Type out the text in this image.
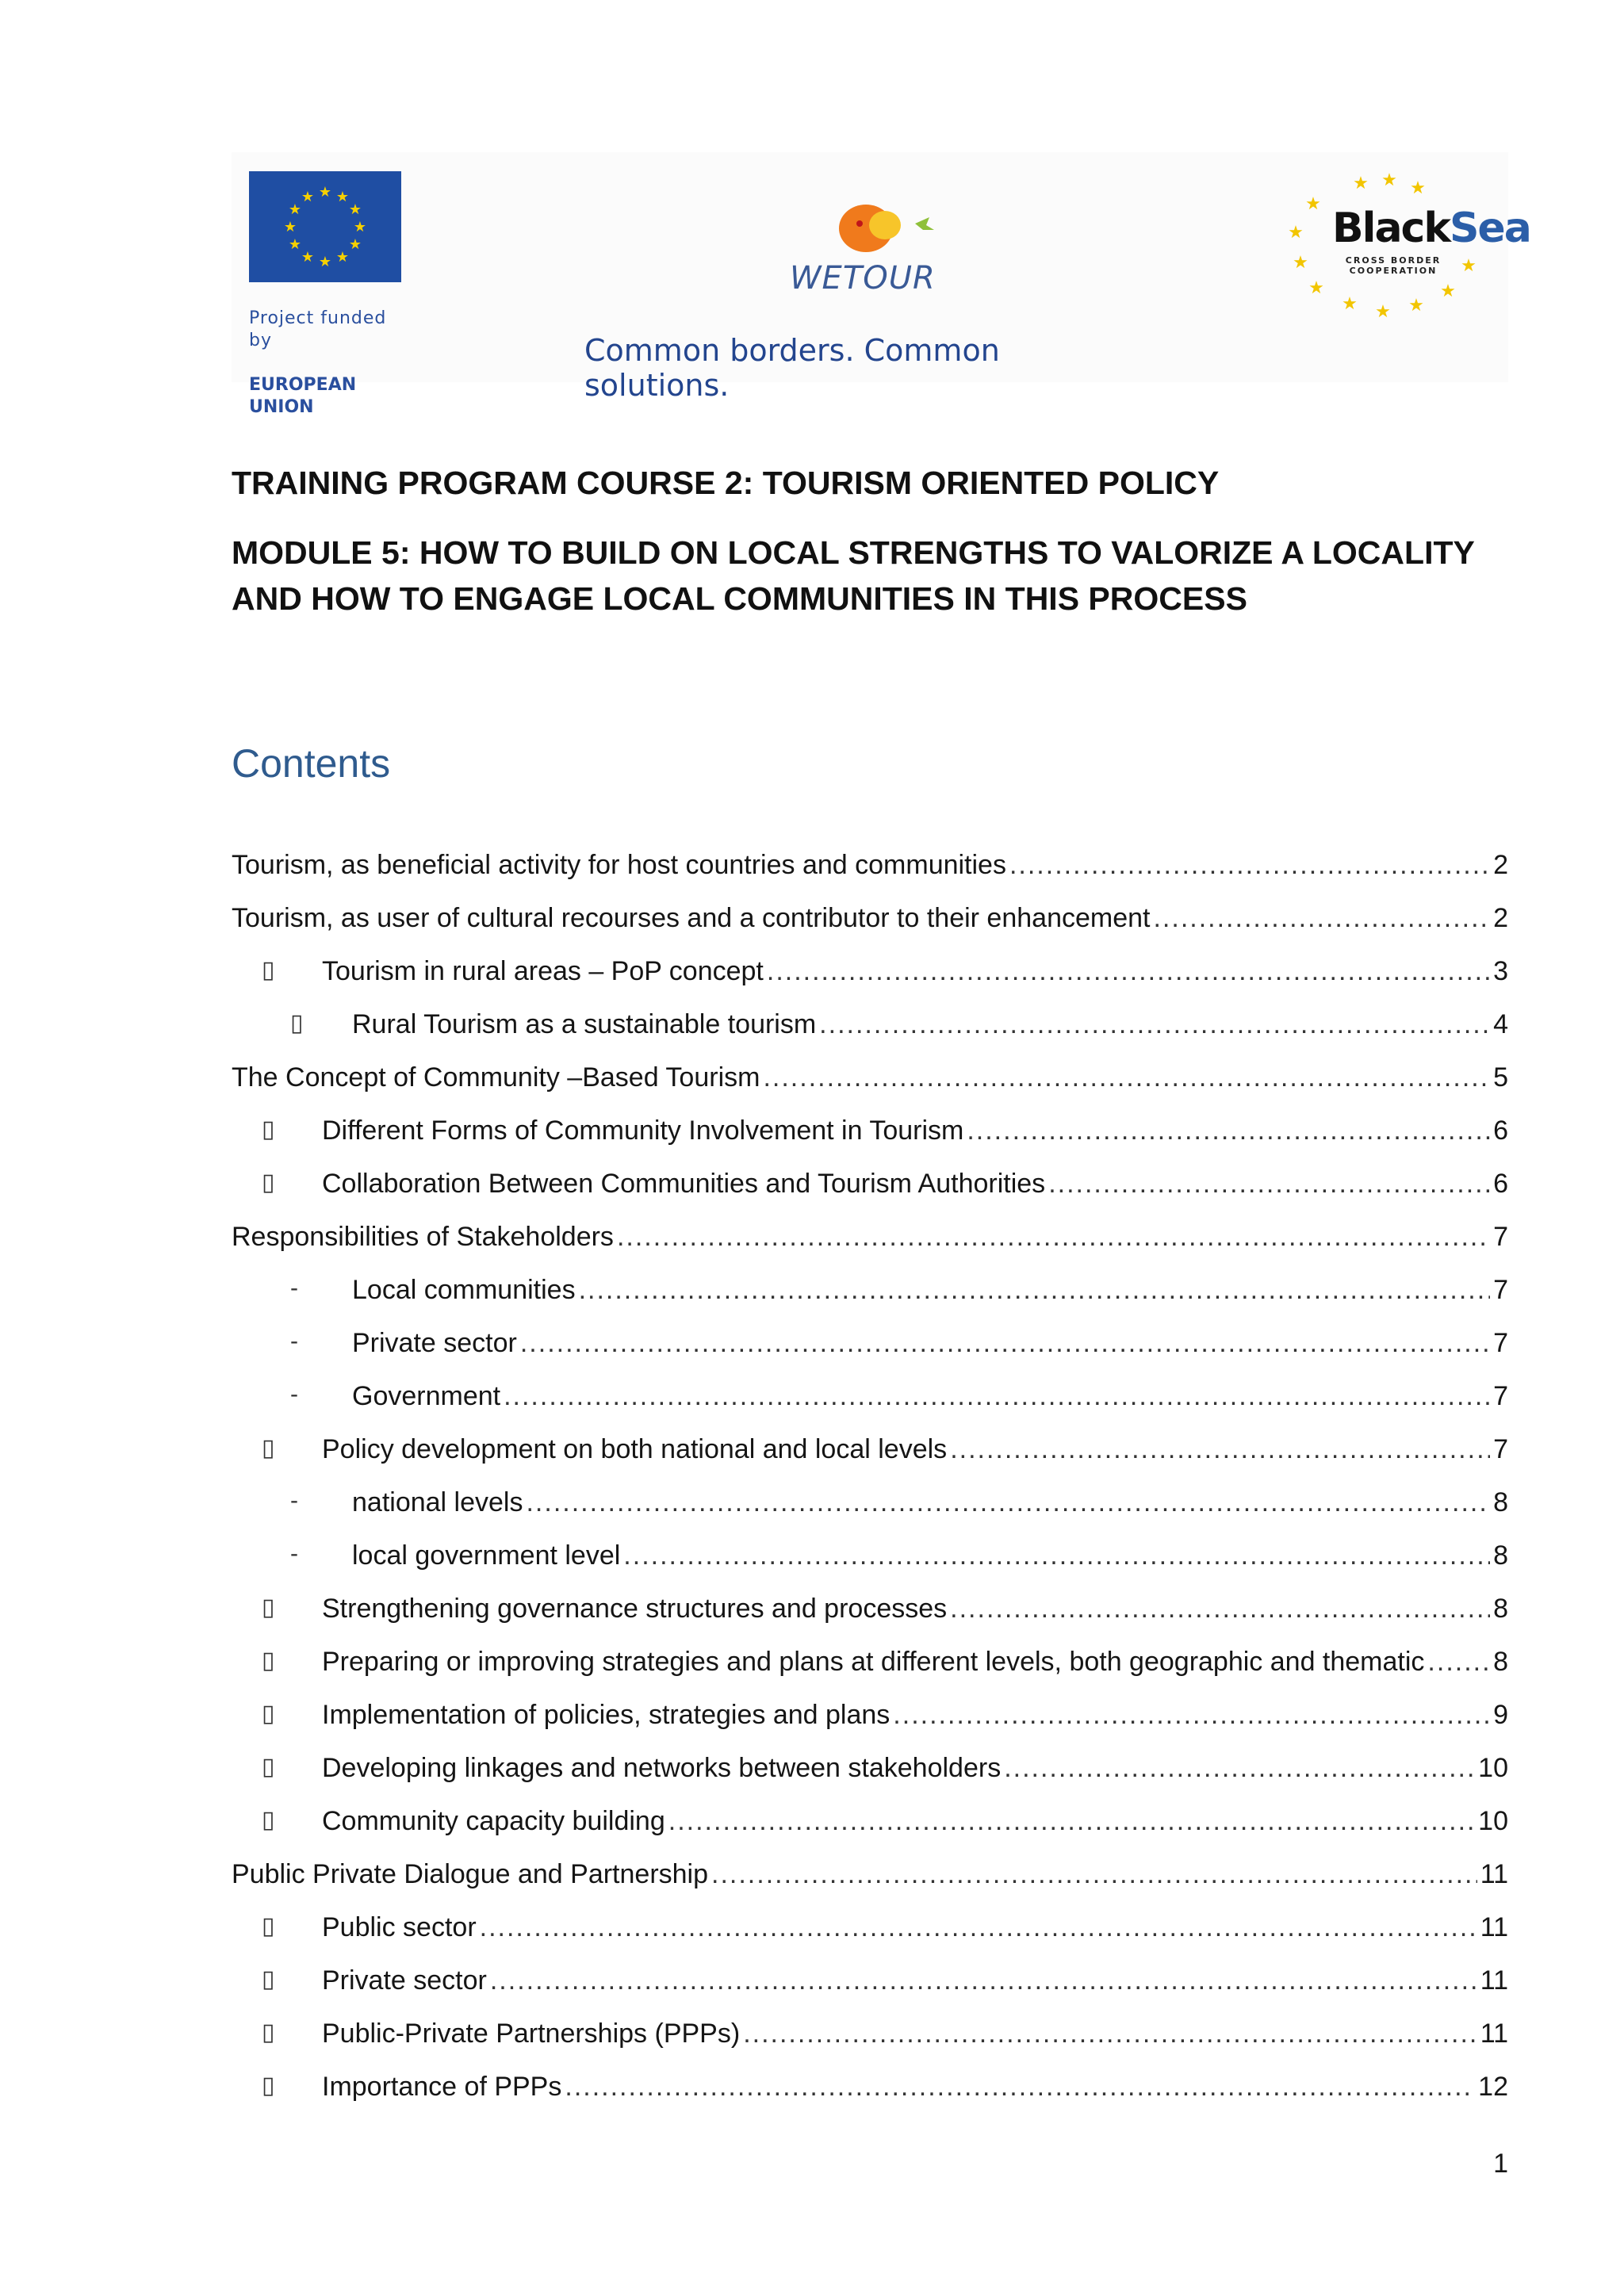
★ ★
★
★
★
★
★
★
★
★
★
★

Project funded by

EUROPEAN UNION

WETOUR
Common borders. Common solutions.
★ ★ ★
★
★
★
★
★ ★ ★
★
★
BlackSea
CROSS BORDER COOPERATION
TRAINING PROGRAM COURSE 2: TOURISM ORIENTED POLICY
MODULE 5: HOW TO BUILD ON LOCAL STRENGTHS TO VALORIZE A LOCALITY
AND HOW TO ENGAGE LOCAL COMMUNITIES IN THIS PROCESS
Contents
Tourism, as beneficial activity for host countries and communities .....	2
Tourism, as user of cultural recourses and a contributor to their enhancement .....	2
▯ Tourism in rural areas – PoP concept .....	3
▯ Rural Tourism as a sustainable tourism .....	4
The Concept of Community –Based Tourism .....	5
▯ Different Forms of Community Involvement in Tourism .....	6
▯ Collaboration Between Communities and Tourism Authorities .....	6
Responsibilities of Stakeholders .....	7
- Local communities .....	7
- Private sector .....	7
- Government .....	7
▯ Policy development on both national and local levels .....	7
- national levels .....	8
- local government level .....	8
▯ Strengthening governance structures and processes .....	8
▯ Preparing or improving strategies and plans at different levels, both geographic and thematic .....	8
▯ Implementation of policies, strategies and plans .....	9
▯ Developing linkages and networks between stakeholders .....	10
▯ Community capacity building .....	10
Public Private Dialogue and Partnership .....	11
▯ Public sector .....	11
▯ Private sector .....	11
▯ Public-Private Partnerships (PPPs) .....	11
▯ Importance of PPPs .....	12
1
